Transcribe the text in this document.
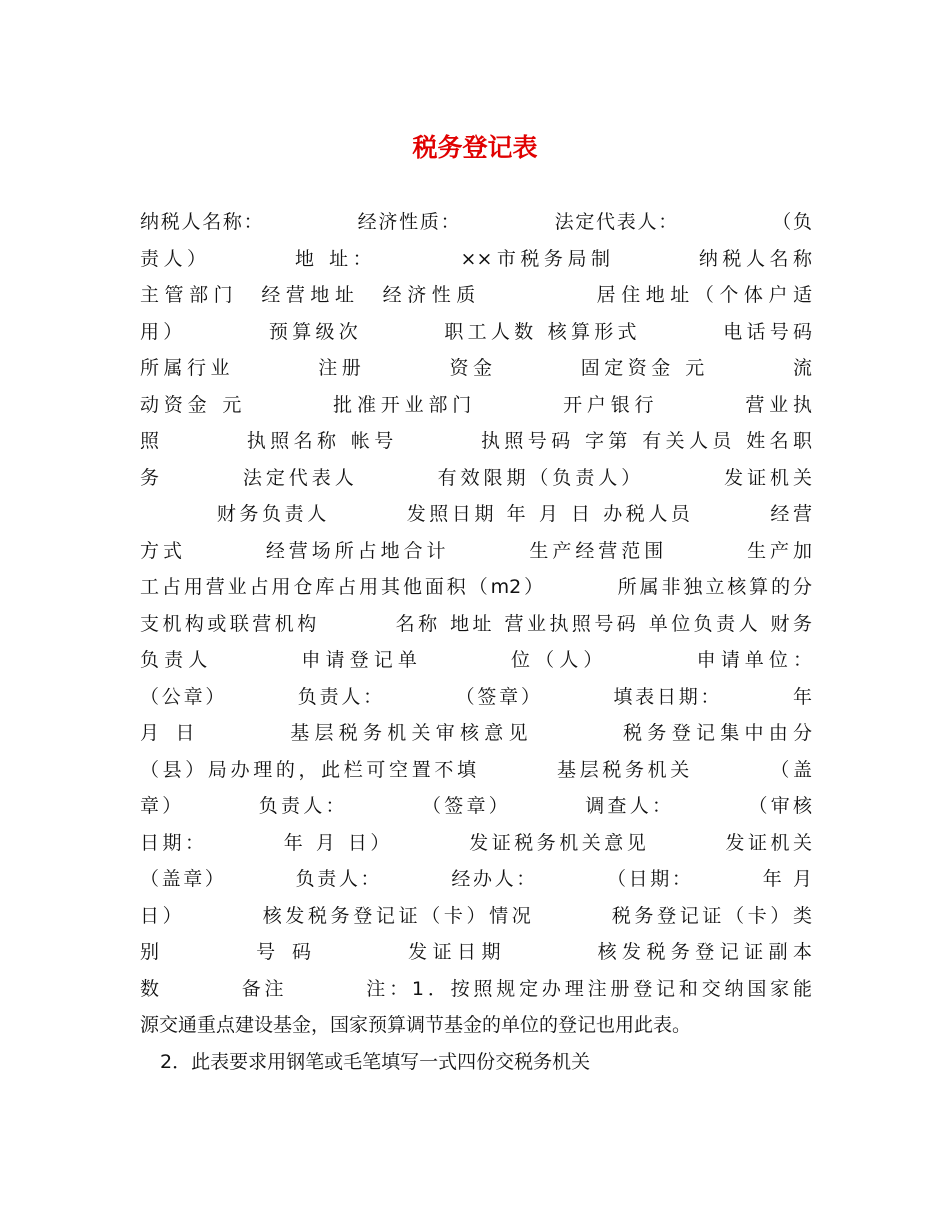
税务登记表
纳税人名称：            经济性质：            法定代表人：            （负
责人）        地 址：        ××市税务局制        纳税人名称
主管部门  经营地址  经济性质          居住地址（个体户适
用）        预算级次        职工人数 核算形式        电话号码
所属行业        注册        资金        固定资金 元        流
动资金 元        批准开业部门        开户银行        营业执
照        执照名称 帐号        执照号码 字第 有关人员 姓名职
务        法定代表人        有效限期（负责人）        发证机关
财务负责人        发照日期 年 月 日 办税人员        经营
方式        经营场所占地合计        生产经营范围        生产加
工占用营业占用仓库占用其他面积（m2）        所属非独立核算的分
支机构或联营机构        名称 地址 营业执照号码 单位负责人 财务
负责人        申请登记单        位（人）        申请单位：
（公章）        负责人：        （签章）        填表日期：        年
月 日        基层税务机关审核意见        税务登记集中由分
（县）局办理的，此栏可空置不填        基层税务机关        （盖
章）        负责人：        （签章）        调查人：        （审核
日期：        年 月 日）        发证税务机关意见        发证机关
（盖章）        负责人：        经办人：        （日期：        年 月
日）        核发税务登记证（卡）情况        税务登记证（卡）类
别        号 码        发证日期        核发税务登记证副本
数        备注        注：1．按照规定办理注册登记和交纳国家能
源交通重点建设基金，国家预算调节基金的单位的登记也用此表。
2．此表要求用钢笔或毛笔填写一式四份交税务机关
